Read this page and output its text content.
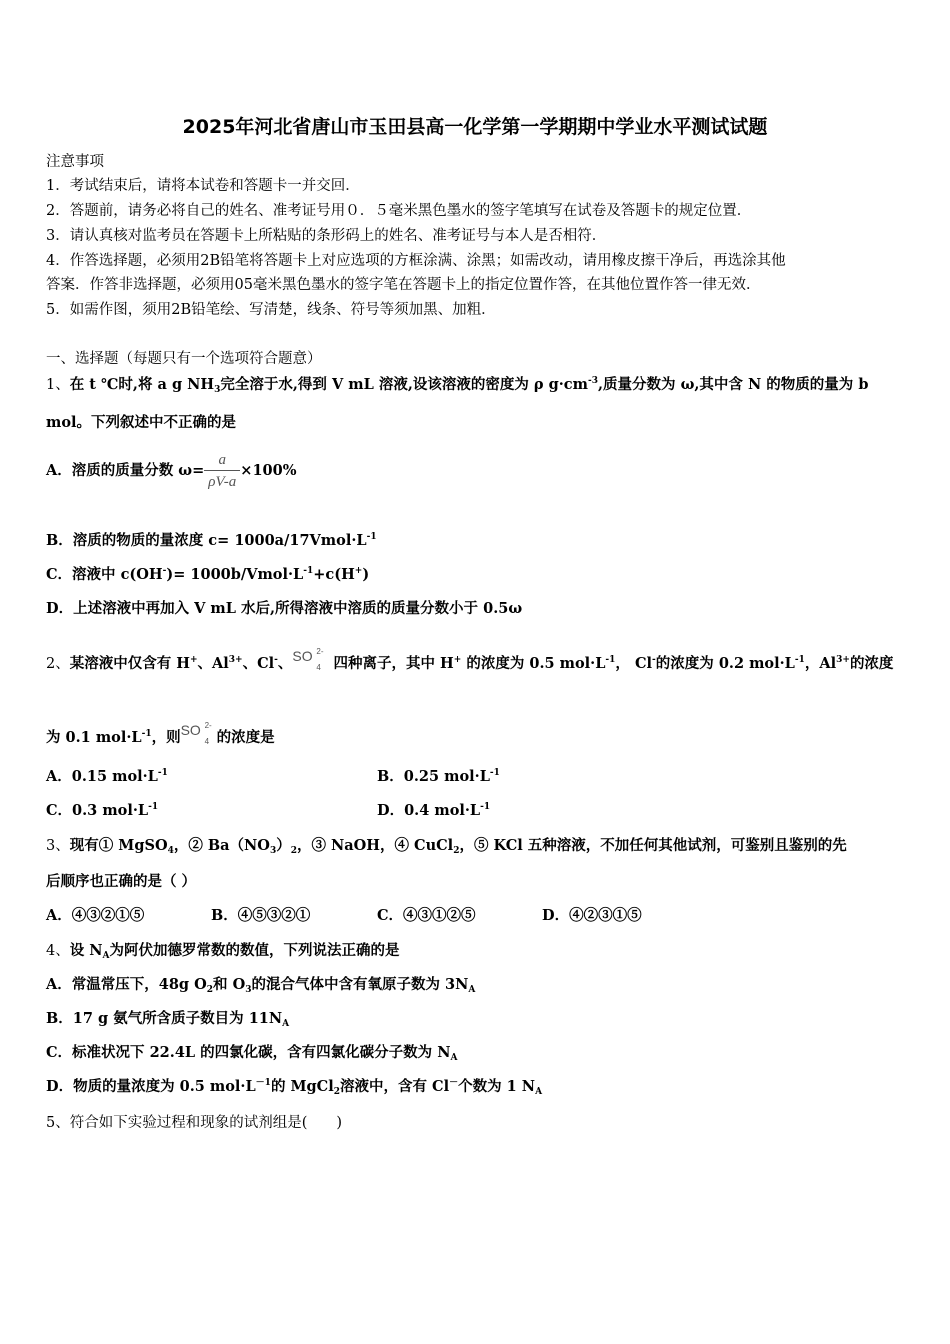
2025年河北省唐山市玉田县高一化学第一学期期中学业水平测试试题
注意事项
1．考试结束后，请将本试卷和答题卡一并交回．
2．答题前，请务必将自己的姓名、准考证号用０．５毫米黑色墨水的签字笔填写在试卷及答题卡的规定位置．
3．请认真核对监考员在答题卡上所粘贴的条形码上的姓名、准考证号与本人是否相符．
4．作答选择题，必须用2B铅笔将答题卡上对应选项的方框涂满、涂黑；如需改动，请用橡皮擦干净后，再选涂其他
答案．作答非选择题，必须用05毫米黑色墨水的签字笔在答题卡上的指定位置作答，在其他位置作答一律无效．
5．如需作图，须用2B铅笔绘、写清楚，线条、符号等须加黑、加粗．
一、选择题（每题只有一个选项符合题意）
1、在 t ℃时,将 a g $NH_3$完全溶于水,得到 V mL 溶液,设该溶液的密度为 ρ $g\cdot cm^{-3}$,质量分数为 ω,其中含 N 的物质的量为 b
mol。下列叙述中不正确的是
A．溶质的质量分数 $\omega= \frac{a}{\rho V-a} \times 100\%$
B．溶质的物质的量浓度 $c= 1000a/17Vmol\cdot L^{-1}$
C．溶液中 $c(OH^-)= 1000b/Vmol\cdot L^{-1}+c(H^+)$
D．上述溶液中再加入 V mL 水后,所得溶液中溶质的质量分数小于 0.5ω
2、某溶液中仅含有 H+、$Al^{3+}$、Cl-、 SO 2-
4 四种离子，其中 H+ 的浓度为 0.5 $mol\cdot L^{-1}$， Cl-的浓度为 0.2 $mol\cdot L^{-1}$，$Al^{3+}$的浓度
为 0.1 $mol\cdot L^{-1}$，则 SO 2-
4 的浓度是
A．0.15 $mol\cdot L^{-1}$	B．0.25 $mol\cdot L^{-1}$
C．0.3 $mol\cdot L^{-1}$	D．0.4 $mol\cdot L^{-1}$
3、现有① MgSO$_4$，② $Ba(NO_3)_2$，③ NaOH，④ CuCl$_2$，⑤ KCl 五种溶液，不加任何其他试剂，可鉴别且鉴别的先
后顺序也正确的是（ ）
A．④③②①⑤	B．④⑤③②①	C．④③①②⑤	D．④②③①⑤
4、设 $N_A$为阿伏加德罗常数的数值，下列说法正确的是
A．常温常压下，48g $O_2$和 $O_3$的混合气体中含有氧原子数为 $3N_A$
B．17 g 氨气所含质子数目为 $11N_A$
C．标准状况下 22.4L 的四氯化碳，含有四氯化碳分子数为 $N_A$
D．物质的量浓度为 0.5 $mol\cdot L^{-1}$的 MgCl$_2$溶液中，含有 Cl－个数为 1 $N_A$
5、符合如下实验过程和现象的试剂组是(　　)
